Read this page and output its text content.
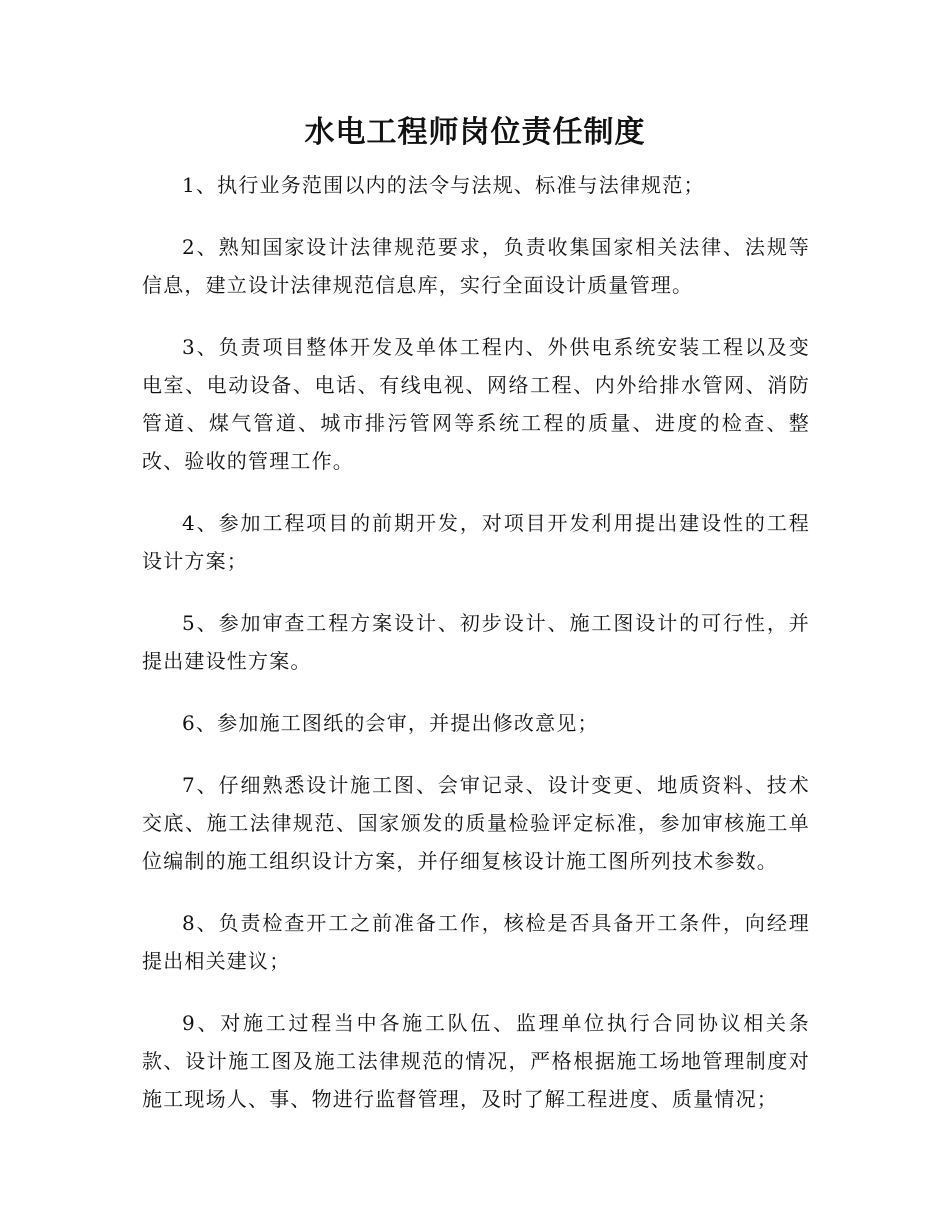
水电工程师岗位责任制度

1、执行业务范围以内的法令与法规、标准与法律规范；

2、熟知国家设计法律规范要求，负责收集国家相关法律、法规等信息，建立设计法律规范信息库，实行全面设计质量管理。

3、负责项目整体开发及单体工程内、外供电系统安装工程以及变电室、电动设备、电话、有线电视、网络工程、内外给排水管网、消防管道、煤气管道、城市排污管网等系统工程的质量、进度的检查、整改、验收的管理工作。

4、参加工程项目的前期开发，对项目开发利用提出建设性的工程设计方案；

5、参加审查工程方案设计、初步设计、施工图设计的可行性，并提出建设性方案。

6、参加施工图纸的会审，并提出修改意见；

7、仔细熟悉设计施工图、会审记录、设计变更、地质资料、技术交底、施工法律规范、国家颁发的质量检验评定标准，参加审核施工单位编制的施工组织设计方案，并仔细复核设计施工图所列技术参数。

8、负责检查开工之前准备工作，核检是否具备开工条件，向经理提出相关建议；

9、对施工过程当中各施工队伍、监理单位执行合同协议相关条款、设计施工图及施工法律规范的情况，严格根据施工场地管理制度对施工现场人、事、物进行监督管理，及时了解工程进度、质量情况；
